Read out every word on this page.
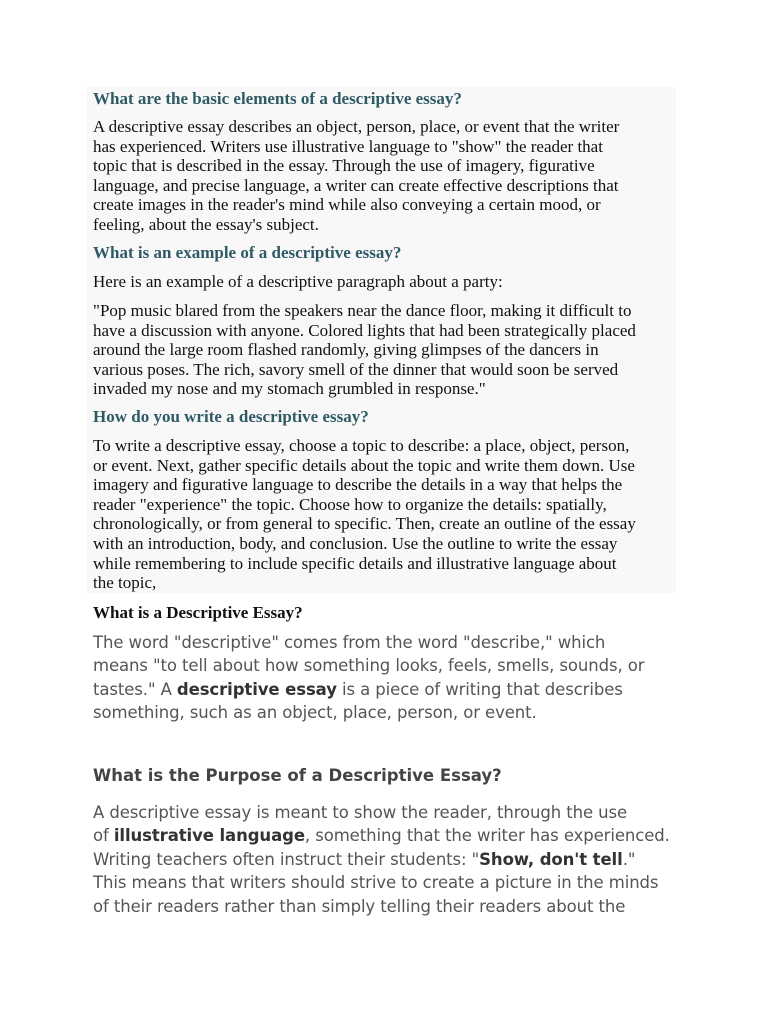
What are the basic elements of a descriptive essay?
A descriptive essay describes an object, person, place, or event that the writer
has experienced. Writers use illustrative language to "show" the reader that
topic that is described in the essay. Through the use of imagery, figurative
language, and precise language, a writer can create effective descriptions that
create images in the reader's mind while also conveying a certain mood, or
feeling, about the essay's subject.
What is an example of a descriptive essay?
Here is an example of a descriptive paragraph about a party:
"Pop music blared from the speakers near the dance floor, making it difficult to
have a discussion with anyone. Colored lights that had been strategically placed
around the large room flashed randomly, giving glimpses of the dancers in
various poses. The rich, savory smell of the dinner that would soon be served
invaded my nose and my stomach grumbled in response."
How do you write a descriptive essay?
To write a descriptive essay, choose a topic to describe: a place, object, person,
or event. Next, gather specific details about the topic and write them down. Use
imagery and figurative language to describe the details in a way that helps the
reader "experience" the topic. Choose how to organize the details: spatially,
chronologically, or from general to specific. Then, create an outline of the essay
with an introduction, body, and conclusion. Use the outline to write the essay
while remembering to include specific details and illustrative language about
the topic,
What is a Descriptive Essay?
The word "descriptive" comes from the word "describe," which
means "to tell about how something looks, feels, smells, sounds, or
tastes." A descriptive essay is a piece of writing that describes
something, such as an object, place, person, or event.
What is the Purpose of a Descriptive Essay?
A descriptive essay is meant to show the reader, through the use
of illustrative language, something that the writer has experienced.
Writing teachers often instruct their students: "Show, don't tell."
This means that writers should strive to create a picture in the minds
of their readers rather than simply telling their readers about the
